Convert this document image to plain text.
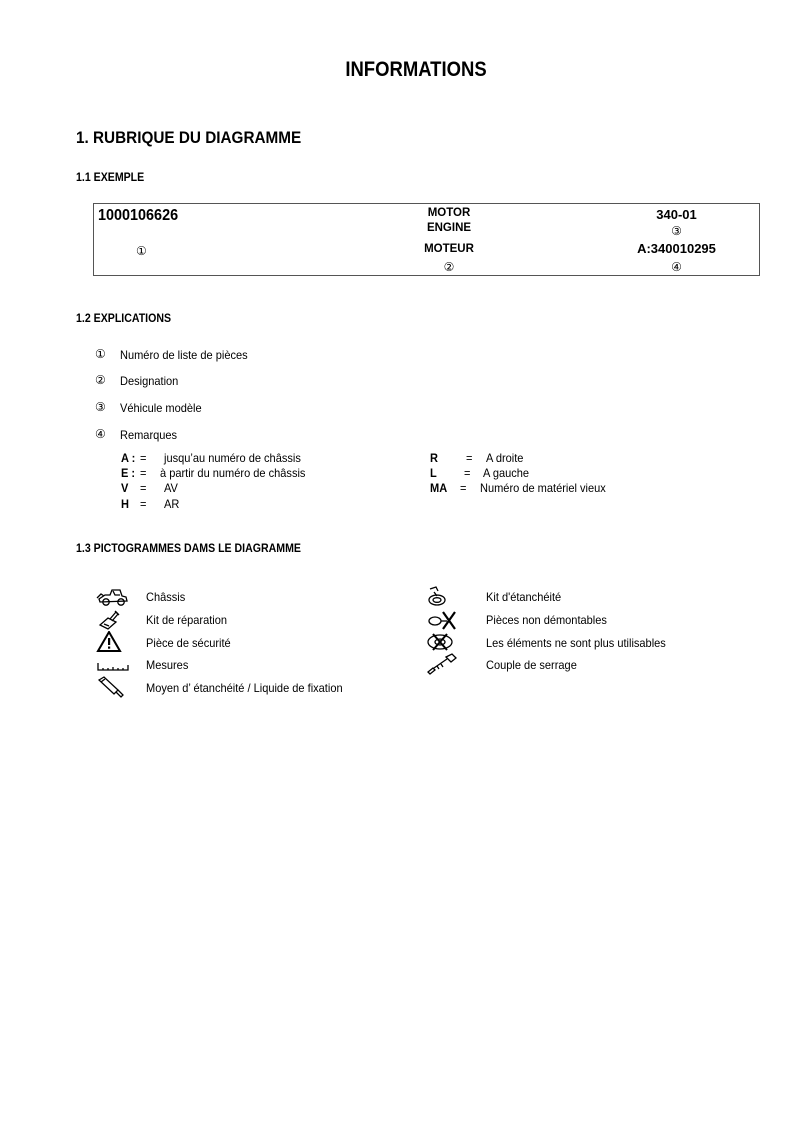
INFORMATIONS
1. RUBRIQUE DU DIAGRAMME
1.1 EXEMPLE
1000106626
①
MOTOR
ENGINE
MOTEUR
②
340-01
③
A:340010295
④
1.2 EXPLICATIONS
① Numéro de liste de pièces
② Designation
③ Véhicule modèle
④ Remarques
A : = jusqu’au numéro de châssis
E : = à partir du numéro de châssis
V = AV
H = AR
R = A droite
L = A gauche
MA = Numéro de matériel vieux
1.3 PICTOGRAMMES DAMS LE DIAGRAMME
Châssis
Kit de réparation
Pièce de sécurité
Mesures
Moyen d’ étanchéité / Liquide de fixation
Kit d'étanchéité
Pièces non démontables
Les éléments ne sont plus utilisables
Couple de serrage
